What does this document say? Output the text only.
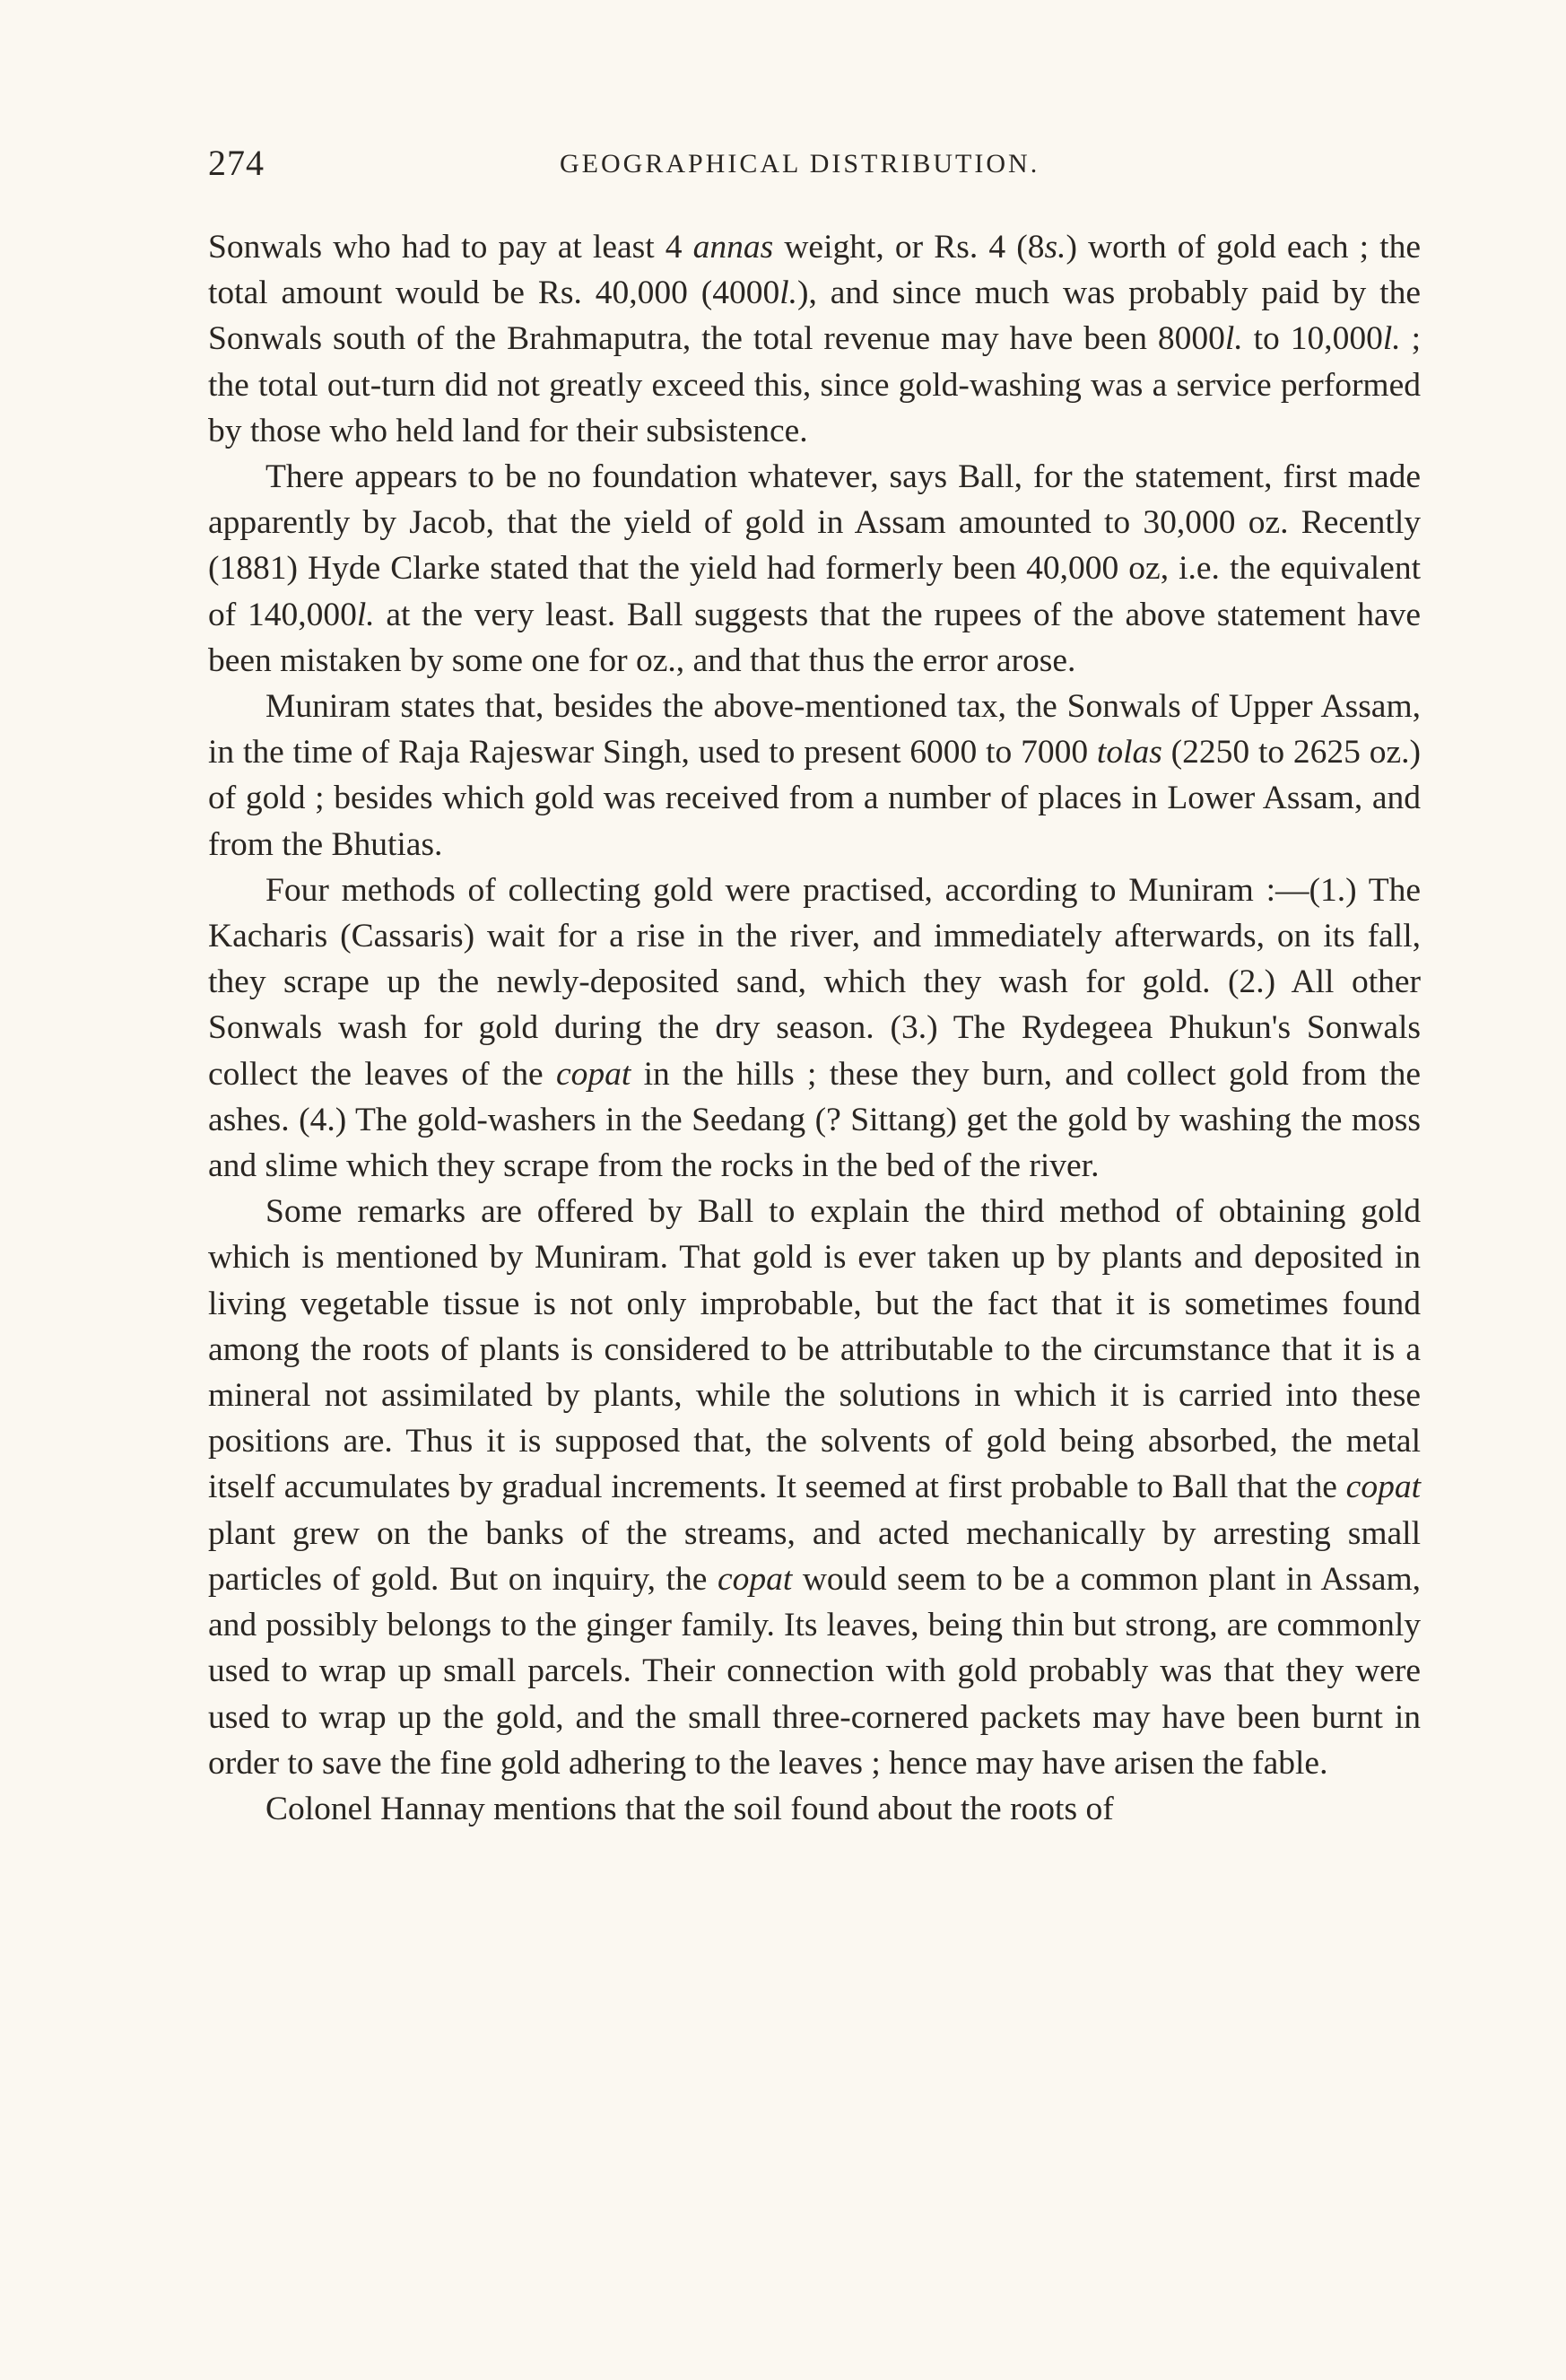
274	GEOGRAPHICAL DISTRIBUTION.

Sonwals who had to pay at least 4 annas weight, or Rs. 4 (8s.) worth of gold each ; the total amount would be Rs. 40,000 (4000l.), and since much was probably paid by the Sonwals south of the Brahmaputra, the total revenue may have been 8000l. to 10,000l. ; the total out-turn did not greatly exceed this, since gold-washing was a service performed by those who held land for their subsistence.

There appears to be no foundation whatever, says Ball, for the statement, first made apparently by Jacob, that the yield of gold in Assam amounted to 30,000 oz. Recently (1881) Hyde Clarke stated that the yield had formerly been 40,000 oz, i.e. the equivalent of 140,000l. at the very least. Ball suggests that the rupees of the above statement have been mistaken by some one for oz., and that thus the error arose.

Muniram states that, besides the above-mentioned tax, the Sonwals of Upper Assam, in the time of Raja Rajeswar Singh, used to present 6000 to 7000 tolas (2250 to 2625 oz.) of gold ; besides which gold was received from a number of places in Lower Assam, and from the Bhutias.

Four methods of collecting gold were practised, according to Muniram :—(1.) The Kacharis (Cassaris) wait for a rise in the river, and immediately afterwards, on its fall, they scrape up the newly-deposited sand, which they wash for gold. (2.) All other Sonwals wash for gold during the dry season. (3.) The Rydegeea Phukun's Sonwals collect the leaves of the copat in the hills ; these they burn, and collect gold from the ashes. (4.) The gold-washers in the Seedang (? Sittang) get the gold by washing the moss and slime which they scrape from the rocks in the bed of the river.

Some remarks are offered by Ball to explain the third method of obtaining gold which is mentioned by Muniram. That gold is ever taken up by plants and deposited in living vegetable tissue is not only improbable, but the fact that it is sometimes found among the roots of plants is considered to be attributable to the circumstance that it is a mineral not assimilated by plants, while the solutions in which it is carried into these positions are. Thus it is supposed that, the solvents of gold being absorbed, the metal itself accumulates by gradual increments. It seemed at first probable to Ball that the copat plant grew on the banks of the streams, and acted mechanically by arresting small particles of gold. But on inquiry, the copat would seem to be a common plant in Assam, and possibly belongs to the ginger family. Its leaves, being thin but strong, are commonly used to wrap up small parcels. Their connection with gold probably was that they were used to wrap up the gold, and the small three-cornered packets may have been burnt in order to save the fine gold adhering to the leaves ; hence may have arisen the fable.

Colonel Hannay mentions that the soil found about the roots of
